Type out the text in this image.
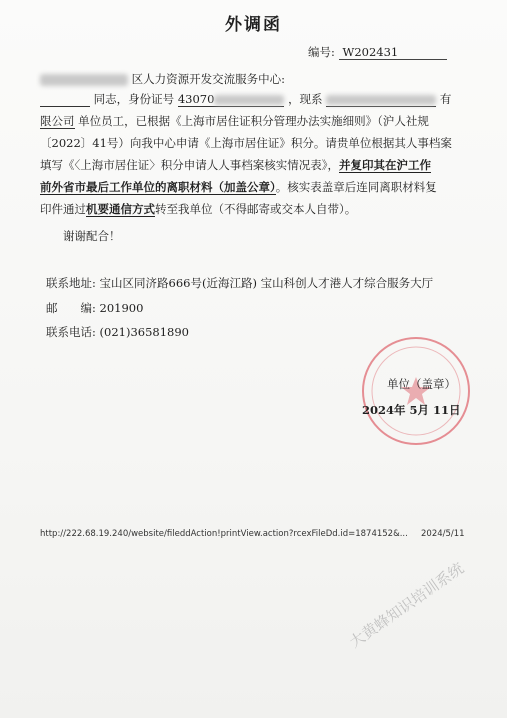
外调函
编号: W202431
区人力资源开发交流服务中心:
同志，身份证号 43070	，现系	有
限公司 单位员工，已根据《上海市居住证积分管理办法实施细则》（沪人社规
〔2022〕41号）向我中心申请《上海市居住证》积分。请贵单位根据其人事档案
填写《〈上海市居住证〉积分申请人人事档案核实情况表》，并复印其在沪工作
前外省市最后工作单位的离职材料（加盖公章）。核实表盖章后连同离职材料复
印件通过机要通信方式转至我单位（不得邮寄或交本人自带）。
谢谢配合！
联系地址: 宝山区同济路666号(近海江路) 宝山科创人才港人才综合服务大厅
邮　　编: 201900
联系电话: (021)36581890
单位（盖章）
2024年 5月 11日
http://222.68.19.240/website/fileddAction!printView.action?rcexFileDd.id=1874152&... 2024/5/11
大黄蜂知识培训系统
